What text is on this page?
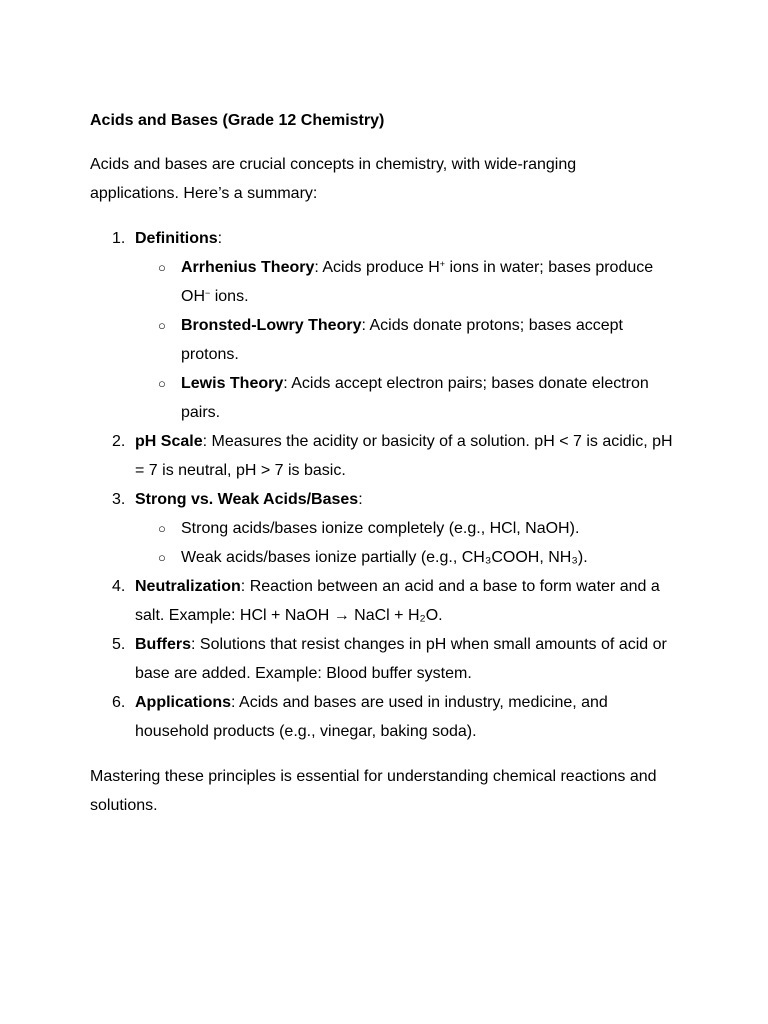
Acids and Bases (Grade 12 Chemistry)
Acids and bases are crucial concepts in chemistry, with wide-ranging applications. Here’s a summary:
1. Definitions:
○ Arrhenius Theory: Acids produce H+ ions in water; bases produce OH− ions.
○ Bronsted-Lowry Theory: Acids donate protons; bases accept protons.
○ Lewis Theory: Acids accept electron pairs; bases donate electron pairs.
2. pH Scale: Measures the acidity or basicity of a solution. pH < 7 is acidic, pH = 7 is neutral, pH > 7 is basic.
3. Strong vs. Weak Acids/Bases:
○ Strong acids/bases ionize completely (e.g., HCl, NaOH).
○ Weak acids/bases ionize partially (e.g., CH₃COOH, NH₃).
4. Neutralization: Reaction between an acid and a base to form water and a salt. Example: HCl + NaOH → NaCl + H₂O.
5. Buffers: Solutions that resist changes in pH when small amounts of acid or base are added. Example: Blood buffer system.
6. Applications: Acids and bases are used in industry, medicine, and household products (e.g., vinegar, baking soda).
Mastering these principles is essential for understanding chemical reactions and solutions.
